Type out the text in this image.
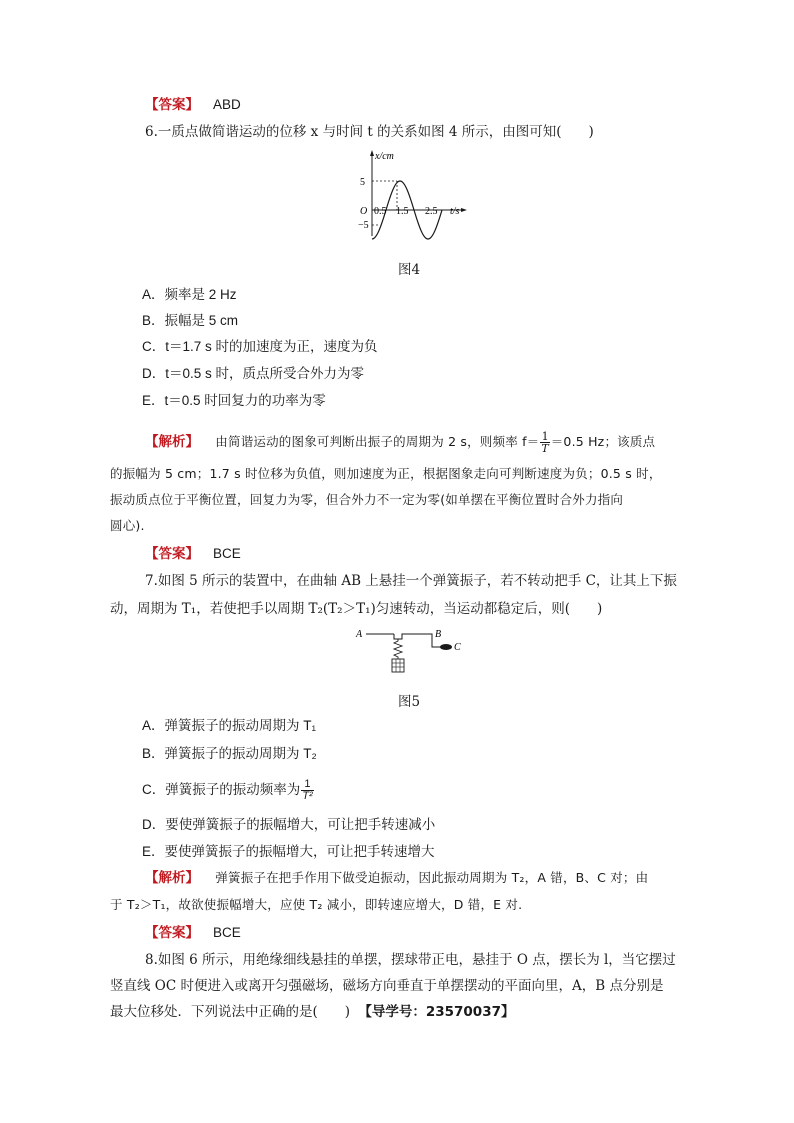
【答案】 ABD
6.一质点做简谐运动的位移 x 与时间 t 的关系如图 4 所示，由图可知(　　)
x/cm
5
−5
O 0.5 1.5 2.5 t/s
图4
A．频率是 2 Hz
B．振幅是 5 cm
C．t＝1.7 s 时的加速度为正，速度为负
D．t＝0.5 s 时，质点所受合外力为零
E．t＝0.5 时回复力的功率为零
【解析】 由简谐运动的图象可判断出振子的周期为 2 s，则频率 $f= \frac{1}{T} =0.5$ Hz；该质点
的振幅为 5 cm；1.7 s 时位移为负值，则加速度为正，根据图象走向可判断速度为负；0.5 s 时，
振动质点位于平衡位置，回复力为零，但合外力不一定为零(如单摆在平衡位置时合外力指向
圆心).
【答案】 BCE
7.如图 5 所示的装置中，在曲轴 AB 上悬挂一个弹簧振子，若不转动把手 C，让其上下振
动，周期为 T₁，若使把手以周期 T₂(T₂＞T₁)匀速转动，当运动都稳定后，则(　　)
A	B
C
图5
A．弹簧振子的振动周期为 T₁
B．弹簧振子的振动周期为 T₂
C．弹簧振子的振动频率为 $\frac{1}{\text{T²}}$
D．要使弹簧振子的振幅增大，可让把手转速减小
E．要使弹簧振子的振幅增大，可让把手转速增大
【解析】 弹簧振子在把手作用下做受迫振动，因此振动周期为 T₂，A 错，B、C 对；由
于 T₂＞T₁，故欲使振幅增大，应使 T₂ 减小，即转速应增大，D 错，E 对.
【答案】 BCE
8.如图 6 所示，用绝缘细线悬挂的单摆，摆球带正电，悬挂于 O 点，摆长为 l，当它摆过
竖直线 OC 时便进入或离开匀强磁场，磁场方向垂直于单摆摆动的平面向里，A，B 点分别是
最大位移处．下列说法中正确的是(　　) 【导学号：23570037】
